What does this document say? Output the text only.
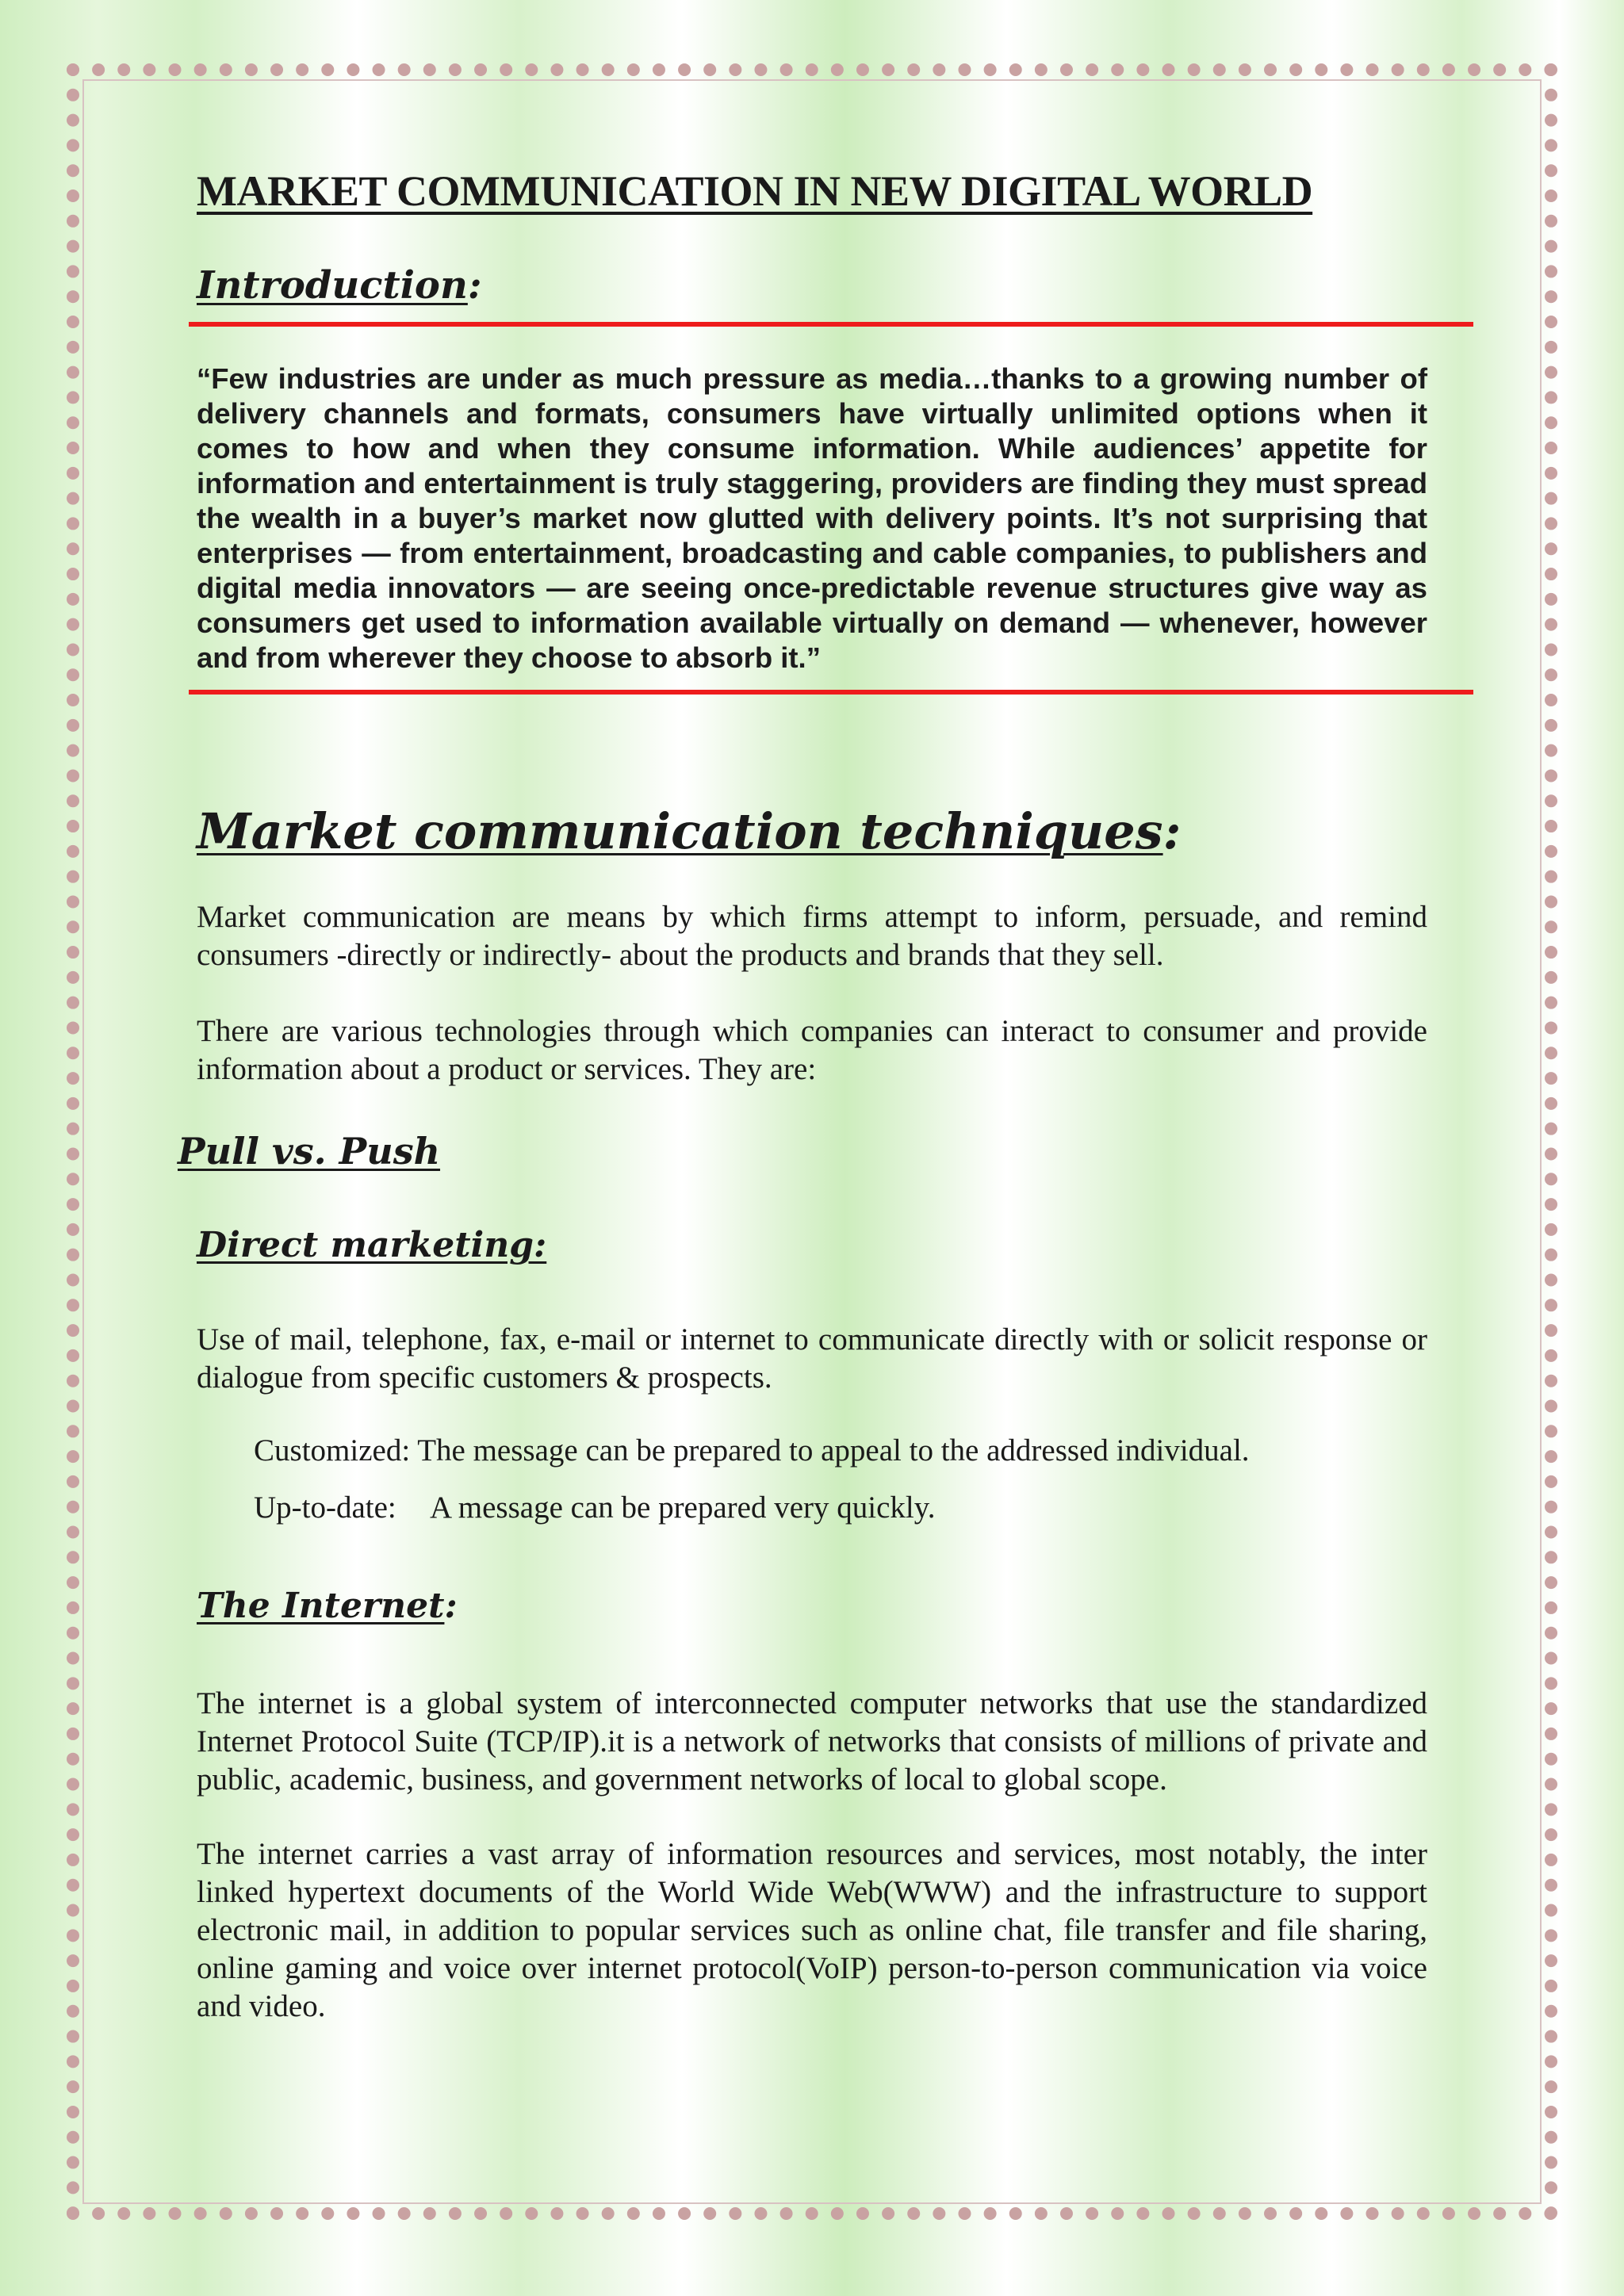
MARKET COMMUNICATION IN NEW DIGITAL WORLD
Introduction:

“Few industries are under as much pressure as media…thanks to a growing number of delivery channels and formats, consumers have virtually unlimited options when it comes to how and when they consume information. While audiences’ appetite for information and entertainment is truly staggering, providers are finding they must spread the wealth in a buyer’s market now glutted with delivery points. It’s not surprising that enterprises — from entertainment, broadcasting and cable companies, to publishers and digital media innovators — are seeing once-predictable revenue structures give way as consumers get used to information available virtually on demand — whenever, however and from wherever they choose to absorb it.”

Market communication techniques:

Market communication are means by which firms attempt to inform, persuade, and remind consumers -directly or indirectly- about the products and brands that they sell.

There are various technologies through which companies can interact to consumer and provide information about a product or services. They are:

Pull vs. Push
Direct marketing:

Use of mail, telephone, fax, e-mail or internet to communicate directly with or solicit response or dialogue from specific customers & prospects.

Customized: The message can be prepared to appeal to the addressed individual.

Up-to-date: A message can be prepared very quickly.

The Internet:

The internet is a global system of interconnected computer networks that use the standardized Internet Protocol Suite (TCP/IP).it is a network of networks that consists of millions of private and public, academic, business, and government networks of local to global scope.

The internet carries a vast array of information resources and services, most notably, the inter linked hypertext documents of the World Wide Web(WWW) and the infrastructure to support electronic mail, in addition to popular services such as online chat, file transfer and file sharing, online gaming and voice over internet protocol(VoIP) person-to-person communication via voice and video.
